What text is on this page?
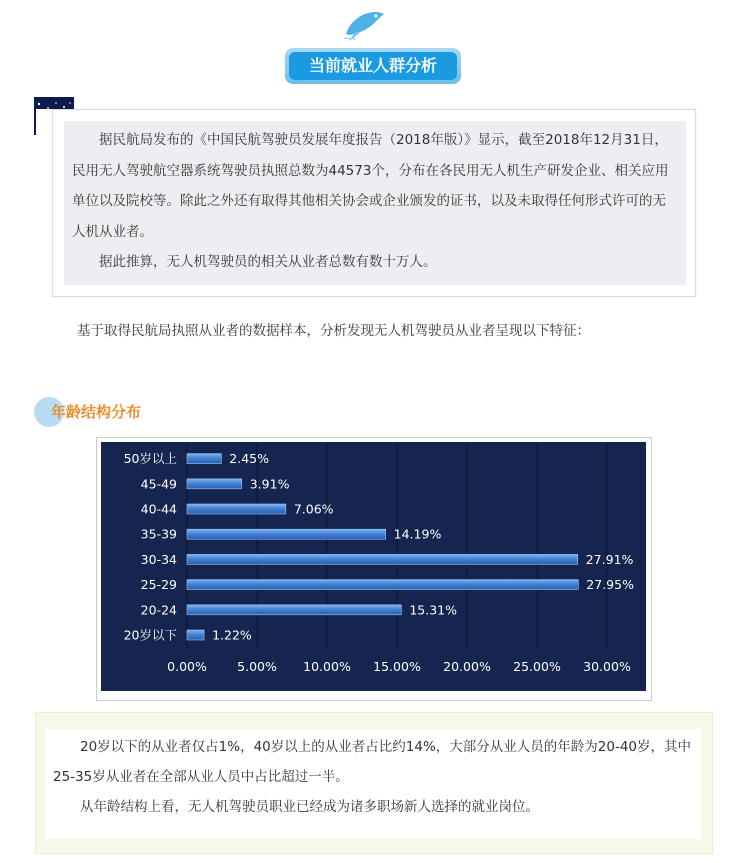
当前就业人群分析

据民航局发布的《中国民航驾驶员发展年度报告（2018年版）》显示，截至2018年12月31日，民用无人驾驶航空器系统驾驶员执照总数为44573个，分布在各民用无人机生产研发企业、相关应用单位以及院校等。除此之外还有取得其他相关协会或企业颁发的证书，以及未取得任何形式许可的无人机从业者。

据此推算，无人机驾驶员的相关从业者总数有数十万人。

基于取得民航局执照从业者的数据样本，分析发现无人机驾驶员从业者呈现以下特征：

年龄结构分布
0.00% 5.00% 10.00% 15.00% 20.00% 25.00% 30.00%
50岁以上	2.45%
45-49	3.91%
40-44	7.06%
35-39	14.19%
30-34	27.91%
25-29	27.95%
20-24	15.31%
20岁以下	1.22%

20岁以下的从业者仅占1%，40岁以上的从业者占比约14%，大部分从业人员的年龄为20-40岁，其中25-35岁从业者在全部从业人员中占比超过一半。

从年龄结构上看，无人机驾驶员职业已经成为诸多职场新人选择的就业岗位。
